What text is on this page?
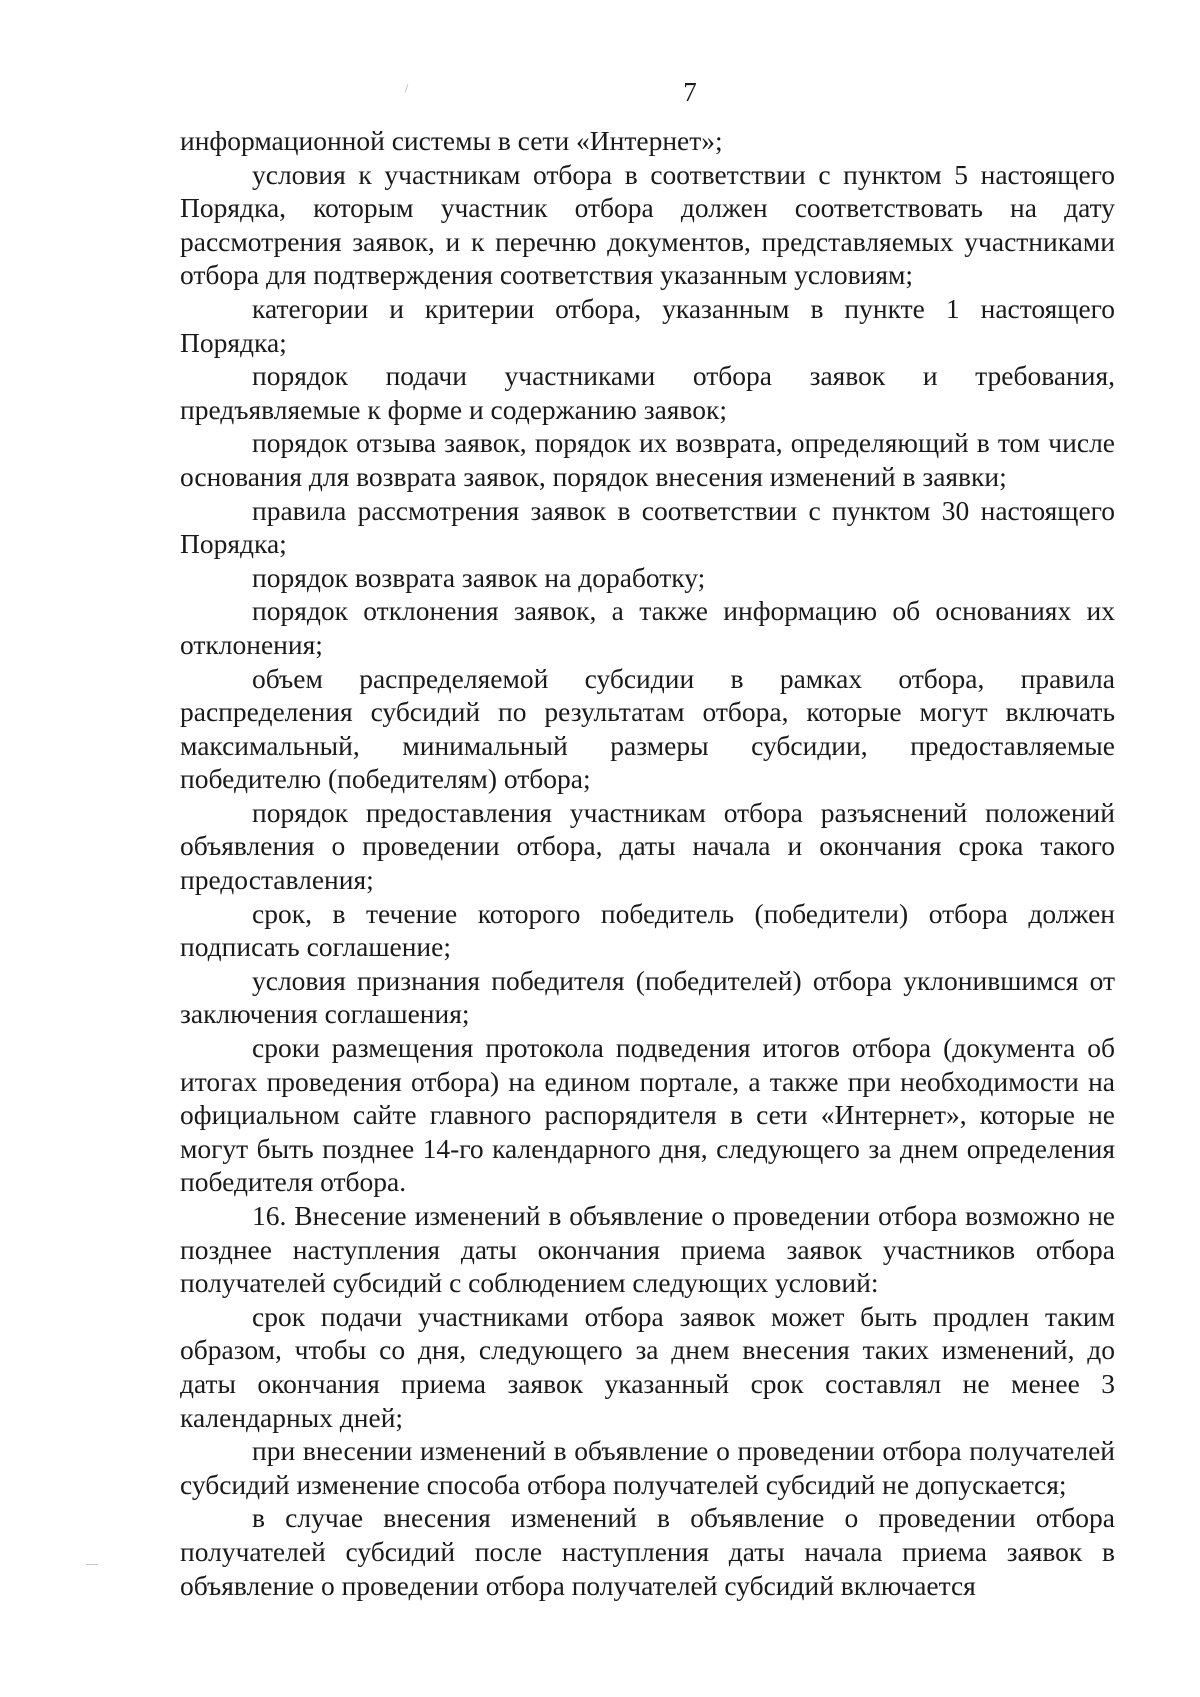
7

информационной системы в сети «Интернет»;

условия к участникам отбора в соответствии с пунктом 5 настоящего Порядка, которым участник отбора должен соответствовать на дату рассмотрения заявок, и к перечню документов, представляемых участниками отбора для подтверждения соответствия указанным условиям;

категории и критерии отбора, указанным в пункте 1 настоящего Порядка;

порядок подачи участниками отбора заявок и требования, предъявляемые к форме и содержанию заявок;

порядок отзыва заявок, порядок их возврата, определяющий в том числе основания для возврата заявок, порядок внесения изменений в заявки;

правила рассмотрения заявок в соответствии с пунктом 30 настоящего Порядка;

порядок возврата заявок на доработку;

порядок отклонения заявок, а также информацию об основаниях их отклонения;

объем распределяемой субсидии в рамках отбора, правила распределения субсидий по результатам отбора, которые могут включать максимальный, минимальный размеры субсидии, предоставляемые победителю (победителям) отбора;

порядок предоставления участникам отбора разъяснений положений объявления о проведении отбора, даты начала и окончания срока такого предоставления;

срок, в течение которого победитель (победители) отбора должен подписать соглашение;

условия признания победителя (победителей) отбора уклонившимся от заключения соглашения;

сроки размещения протокола подведения итогов отбора (документа об итогах проведения отбора) на едином портале, а также при необходимости на официальном сайте главного распорядителя в сети «Интернет», которые не могут быть позднее 14-го календарного дня, следующего за днем определения победителя отбора.

16. Внесение изменений в объявление о проведении отбора возможно не позднее наступления даты окончания приема заявок участников отбора получателей субсидий с соблюдением следующих условий:

срок подачи участниками отбора заявок может быть продлен таким образом, чтобы со дня, следующего за днем внесения таких изменений, до даты окончания приема заявок указанный срок составлял не менее 3 календарных дней;

при внесении изменений в объявление о проведении отбора получателей субсидий изменение способа отбора получателей субсидий не допускается;

в случае внесения изменений в объявление о проведении отбора получателей субсидий после наступления даты начала приема заявок в объявление о проведении отбора получателей субсидий включается
